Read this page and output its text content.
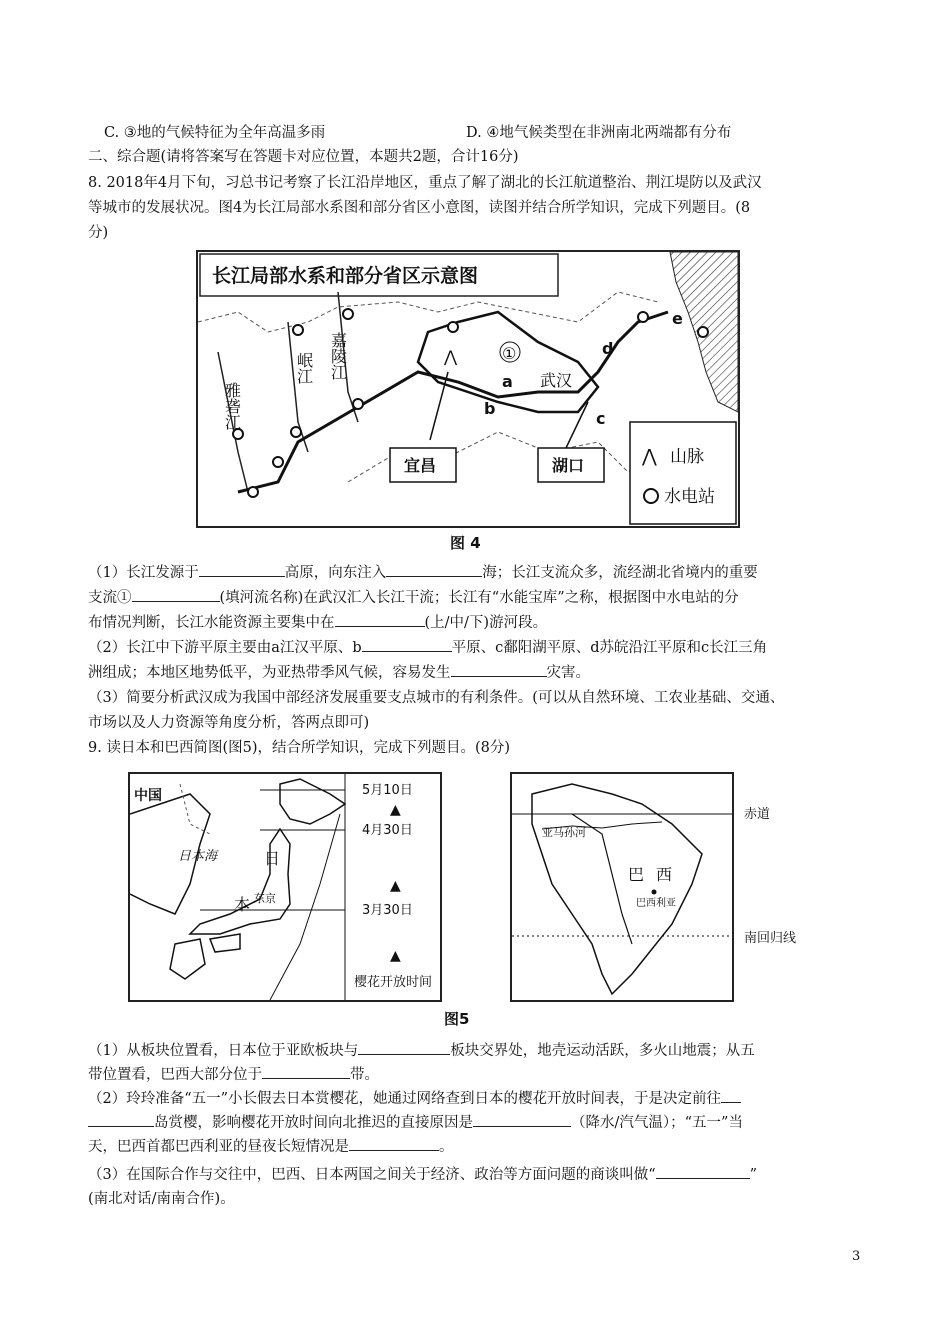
C. ③地的气候特征为全年高温多雨	D. ④地气候类型在非洲南北两端都有分布
二、综合题(请将答案写在答题卡对应位置，本题共2题，合计16分)
8. 2018年4月下旬，习总书记考察了长江沿岸地区，重点了解了湖北的长江航道整治、荆江堤防以及武汉
等城市的发展状况。图4为长江局部水系图和部分省区小意图，读图并结合所学知识，完成下列题目。(8
分)
长江局部水系和部分省区示意图
雅砻江
岷江 嘉陵江	①
a
b
c
d
e
武汉
⋀
宜昌	湖口	⋀ 山脉
水电站
图 4
（1）长江发源于	高原，向东注入	海；长江支流众多，流经湖北省境内的重要
支流①	(填河流名称)在武汉汇入长江干流；长江有“水能宝库”之称，根据图中水电站的分
布情况判断，长江水能资源主要集中在	(上/中/下)游河段。
（2）长江中下游平原主要由a江汉平原、b	平原、c鄱阳湖平原、d苏皖沿江平原和c长江三角
洲组成；本地区地势低平，为亚热带季风气候，容易发生	灾害。
（3）简要分析武汉成为我国中部经济发展重要支点城市的有利条件。(可以从自然环境、工农业基础、交通、
市场以及人力资源等角度分析，答两点即可)
9. 读日本和巴西简图(图5)，结合所学知识，完成下列题目。(8分)
中国
日本海	日
本 东京
5月10日
▲
4月30日
▲
3月30日
▲
樱花开放时间
亚马孙河
巴 西
巴西利亚
赤道
南回归线
图5
（1）从板块位置看，日本位于亚欧板块与	板块交界处，地壳运动活跃，多火山地震；从五
带位置看，巴西大部分位于	带。
（2）玲玲准备“五一”小长假去日本赏樱花，她通过网络查到日本的樱花开放时间表，于是决定前往
岛赏樱，影响樱花开放时间向北推迟的直接原因是	（降水/汽气温）；“五一”当
天，巴西首都巴西利亚的昼夜长短情况是	。
（3）在国际合作与交往中，巴西、日本两国之间关于经济、政治等方面问题的商谈叫做“	”
(南北对话/南南合作)。
3
